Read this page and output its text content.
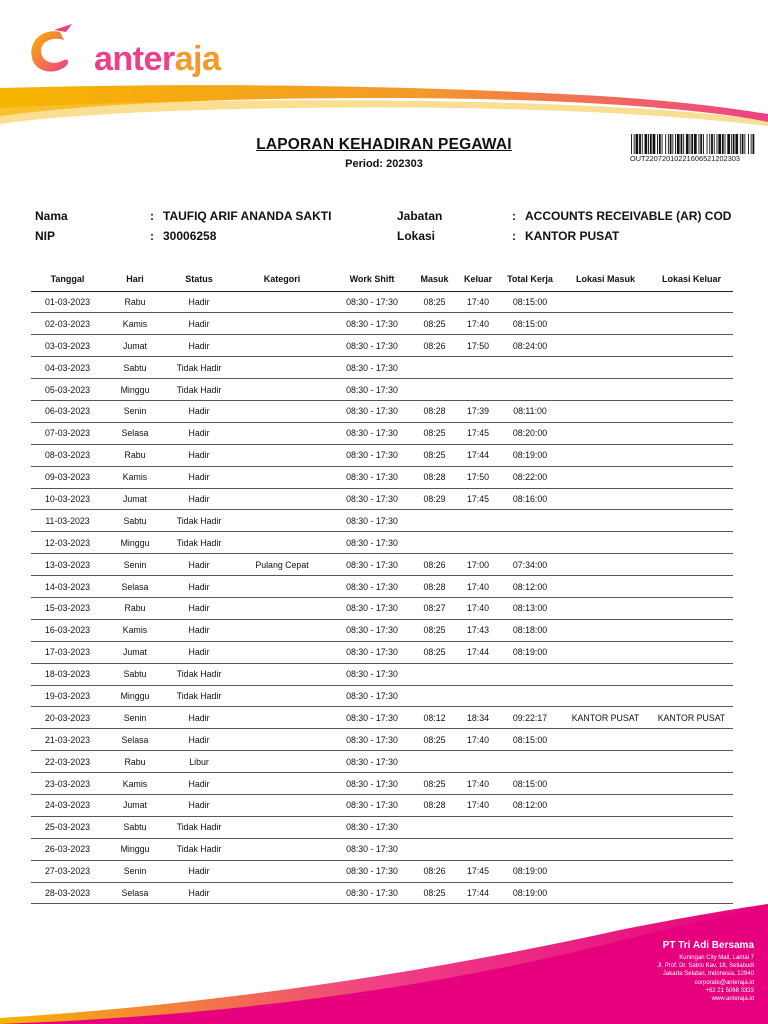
anteraja
LAPORAN KEHADIRAN PEGAWAI
Period: 202303	OUT22072010221606521202303
Nama	: TAUFIQ ARIF ANANDA SAKTI	Jabatan	: ACCOUNTS RECEIVABLE (AR) COD
NIP	: 30006258	Lokasi	: KANTOR PUSAT
Tanggal	Hari	Status	Kategori	Work Shift	Masuk	Keluar	Total Kerja	Lokasi Masuk	Lokasi Keluar
01-03-2023	Rabu	Hadir		08:30 - 17:30	08:25	17:40	08:15:00		
02-03-2023	Kamis	Hadir		08:30 - 17:30	08:25	17:40	08:15:00		
03-03-2023	Jumat	Hadir		08:30 - 17:30	08:26	17:50	08:24:00		
04-03-2023	Sabtu	Tidak Hadir		08:30 - 17:30					
05-03-2023	Minggu	Tidak Hadir		08:30 - 17:30					
06-03-2023	Senin	Hadir		08:30 - 17:30	08:28	17:39	08:11:00		
07-03-2023	Selasa	Hadir		08:30 - 17:30	08:25	17:45	08:20:00		
08-03-2023	Rabu	Hadir		08:30 - 17:30	08:25	17:44	08:19:00		
09-03-2023	Kamis	Hadir		08:30 - 17:30	08:28	17:50	08:22:00		
10-03-2023	Jumat	Hadir		08:30 - 17:30	08:29	17:45	08:16:00		
11-03-2023	Sabtu	Tidak Hadir		08:30 - 17:30					
12-03-2023	Minggu	Tidak Hadir		08:30 - 17:30					
13-03-2023	Senin	Hadir	Pulang Cepat	08:30 - 17:30	08:26	17:00	07:34:00		
14-03-2023	Selasa	Hadir		08:30 - 17:30	08:28	17:40	08:12:00		
15-03-2023	Rabu	Hadir		08:30 - 17:30	08:27	17:40	08:13:00		
16-03-2023	Kamis	Hadir		08:30 - 17:30	08:25	17:43	08:18:00		
17-03-2023	Jumat	Hadir		08:30 - 17:30	08:25	17:44	08:19:00		
18-03-2023	Sabtu	Tidak Hadir		08:30 - 17:30					
19-03-2023	Minggu	Tidak Hadir		08:30 - 17:30					
20-03-2023	Senin	Hadir		08:30 - 17:30	08:12	18:34	09:22:17	KANTOR PUSAT	KANTOR PUSAT
21-03-2023	Selasa	Hadir		08:30 - 17:30	08:25	17:40	08:15:00		
22-03-2023	Rabu	Libur		08:30 - 17:30					
23-03-2023	Kamis	Hadir		08:30 - 17:30	08:25	17:40	08:15:00		
24-03-2023	Jumat	Hadir		08:30 - 17:30	08:28	17:40	08:12:00		
25-03-2023	Sabtu	Tidak Hadir		08:30 - 17:30					
26-03-2023	Minggu	Tidak Hadir		08:30 - 17:30					
27-03-2023	Senin	Hadir		08:30 - 17:30	08:26	17:45	08:19:00		
28-03-2023	Selasa	Hadir		08:30 - 17:30	08:25	17:44	08:19:00		
PT Tri Adi Bersama
Kuningan City Mall, Lantai 7
Jl. Prof. Dr. Satrio Kav. 18, Setiabudi
Jakarta Selatan, Indonesia, 12940
corporate@anteraja.id
+62 21 5068 3333
www.anteraja.id
